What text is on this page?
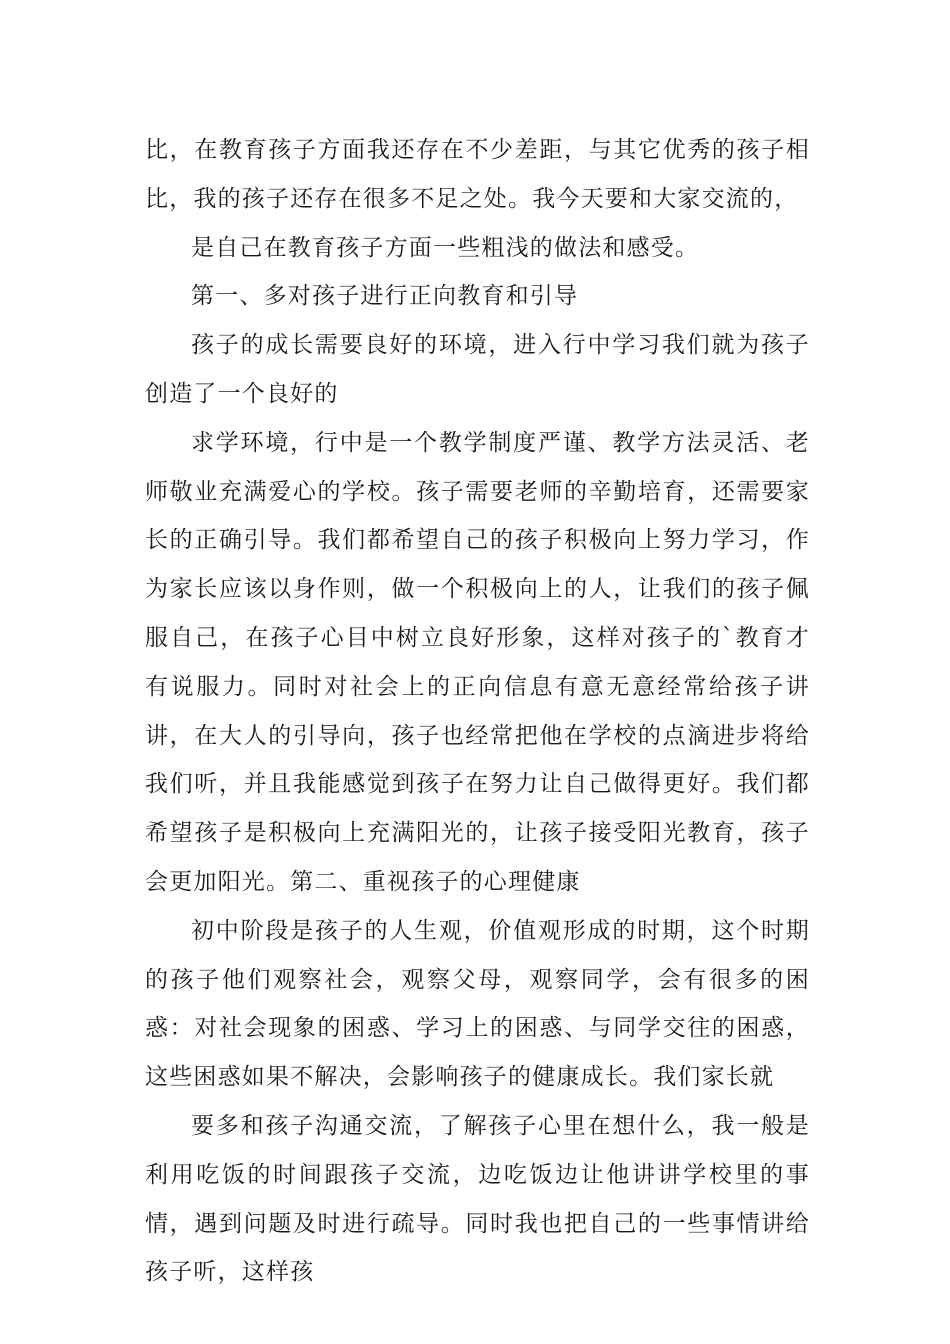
比，在教育孩子方面我还存在不少差距，与其它优秀的孩子相比，我的孩子还存在很多不足之处。我今天要和大家交流的，

是自己在教育孩子方面一些粗浅的做法和感受。

第一、多对孩子进行正向教育和引导

孩子的成长需要良好的环境，进入行中学习我们就为孩子创造了一个良好的

求学环境，行中是一个教学制度严谨、教学方法灵活、老师敬业充满爱心的学校。孩子需要老师的辛勤培育，还需要家长的正确引导。我们都希望自己的孩子积极向上努力学习，作为家长应该以身作则，做一个积极向上的人，让我们的孩子佩服自己，在孩子心目中树立良好形象，这样对孩子的`教育才有说服力。同时对社会上的正向信息有意无意经常给孩子讲讲，在大人的引导向，孩子也经常把他在学校的点滴进步将给我们听，并且我能感觉到孩子在努力让自己做得更好。我们都希望孩子是积极向上充满阳光的，让孩子接受阳光教育，孩子会更加阳光。第二、重视孩子的心理健康

初中阶段是孩子的人生观，价值观形成的时期，这个时期的孩子他们观察社会，观察父母，观察同学，会有很多的困惑：对社会现象的困惑、学习上的困惑、与同学交往的困惑，这些困惑如果不解决，会影响孩子的健康成长。我们家长就

要多和孩子沟通交流，了解孩子心里在想什么，我一般是利用吃饭的时间跟孩子交流，边吃饭边让他讲讲学校里的事情，遇到问题及时进行疏导。同时我也把自己的一些事情讲给孩子听，这样孩
